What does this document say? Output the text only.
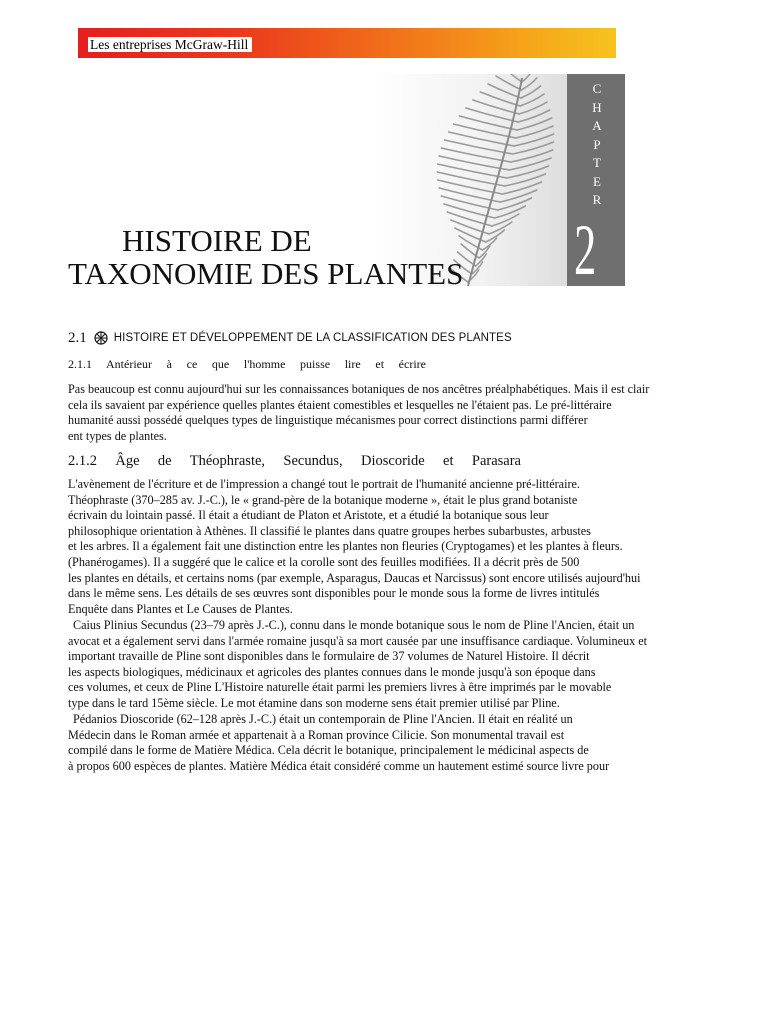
Les entreprises McGraw-Hill
C
H
A
P
T
E
R
2
HISTOIRE DE
TAXONOMIE DES PLANTES
2.1 HISTOIRE ET DÉVELOPPEMENT DE LA CLASSIFICATION DES PLANTES
2.1.1 Antérieur à ce que l'homme puisse lire et écrire
Pas beaucoup est connu aujourd'hui sur les connaissances botaniques de nos ancêtres préalphabétiques. Mais il est clair
cela ils savaient par expérience quelles plantes étaient comestibles et lesquelles ne l'étaient pas. Le pré-littéraire
humanité aussi possédé quelques types de linguistique mécanismes pour correct distinctions parmi différer
ent types de plantes.
2.1.2 Âge de Théophraste, Secundus, Dioscoride et Parasara
L'avènement de l'écriture et de l'impression a changé tout le portrait de l'humanité ancienne pré-littéraire.
Théophraste (370–285 av. J.-C.), le « grand-père de la botanique moderne », était le plus grand botaniste
écrivain du lointain passé. Il était a étudiant de Platon et Aristote, et a étudié la botanique sous leur
philosophique orientation à Athènes. Il classifié le plantes dans quatre groupes herbes subarbustes, arbustes
et les arbres. Il a également fait une distinction entre les plantes non fleuries (Cryptogames) et les plantes à fleurs.
(Phanérogames). Il a suggéré que le calice et la corolle sont des feuilles modifiées. Il a décrit près de 500
les plantes en détails, et certains noms (par exemple, Asparagus, Daucas et Narcissus) sont encore utilisés aujourd'hui
dans le même sens. Les détails de ses œuvres sont disponibles pour le monde sous la forme de livres intitulés
Enquête dans Plantes et Le Causes de Plantes.
Caius Plinius Secundus (23–79 après J.-C.), connu dans le monde botanique sous le nom de Pline l'Ancien, était un
avocat et a également servi dans l'armée romaine jusqu'à sa mort causée par une insuffisance cardiaque. Volumineux et
important travaille de Pline sont disponibles dans le formulaire de 37 volumes de Naturel Histoire. Il décrit
les aspects biologiques, médicinaux et agricoles des plantes connues dans le monde jusqu'à son époque dans
ces volumes, et ceux de Pline L'Histoire naturelle était parmi les premiers livres à être imprimés par le movable
type dans le tard 15ème siècle. Le mot étamine dans son moderne sens était premier utilisé par Pline.
Pédanios Dioscoride (62–128 après J.-C.) était un contemporain de Pline l'Ancien. Il était en réalité un
Médecin dans le Roman armée et appartenait à a Roman province Cilicie. Son monumental travail est
compilé dans le forme de Matière Médica. Cela décrit le botanique, principalement le médicinal aspects de
à propos 600 espèces de plantes. Matière Médica était considéré comme un hautement estimé source livre pour
